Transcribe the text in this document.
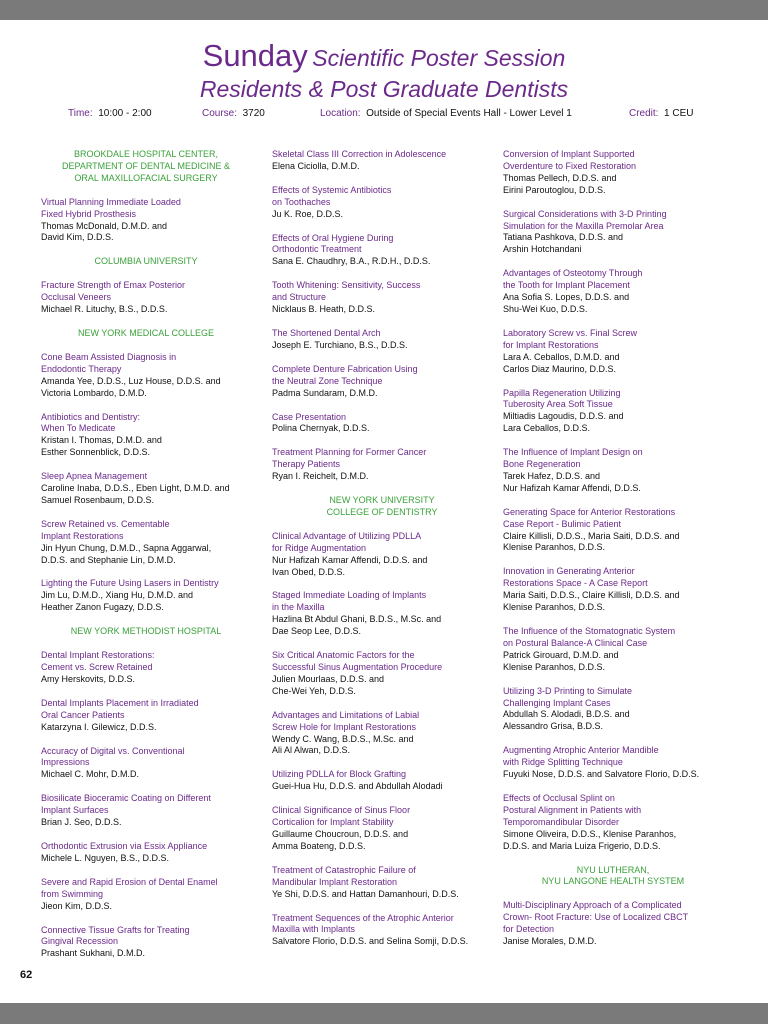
Sunday Scientific Poster Session
Residents & Post Graduate Dentists
Time: 10:00 - 2:00	Course: 3720	Location: Outside of Special Events Hall - Lower Level 1	Credit: 1 CEU
BROOKDALE HOSPITAL CENTER,
DEPARTMENT OF DENTAL MEDICINE &
ORAL MAXILLOFACIAL SURGERY
Virtual Planning Immediate Loaded
Fixed Hybrid Prosthesis
Thomas McDonald, D.M.D. and
David Kim, D.D.S.
COLUMBIA UNIVERSITY
Fracture Strength of Emax Posterior
Occlusal Veneers
Michael R. Lituchy, B.S., D.D.S.
NEW YORK MEDICAL COLLEGE
Cone Beam Assisted Diagnosis in
Endodontic Therapy
Amanda Yee, D.D.S., Luz House, D.D.S. and
Victoria Lombardo, D.M.D.
Antibiotics and Dentistry:
When To Medicate
Kristan I. Thomas, D.M.D. and
Esther Sonnenblick, D.D.S.
Sleep Apnea Management
Caroline Inaba, D.D.S., Eben Light, D.M.D. and
Samuel Rosenbaum, D.D.S.
Screw Retained vs. Cementable
Implant Restorations
Jin Hyun Chung, D.M.D., Sapna Aggarwal,
D.D.S. and Stephanie Lin, D.M.D.
Lighting the Future Using Lasers in Dentistry
Jim Lu, D.M.D., Xiang Hu, D.M.D. and
Heather Zanon Fugazy, D.D.S.
NEW YORK METHODIST HOSPITAL
Dental Implant Restorations:
Cement vs. Screw Retained
Amy Herskovits, D.D.S.
Dental Implants Placement in Irradiated
Oral Cancer Patients
Katarzyna I. Gilewicz, D.D.S.
Accuracy of Digital vs. Conventional
Impressions
Michael C. Mohr, D.M.D.
Biosilicate Bioceramic Coating on Different
Implant Surfaces
Brian J. Seo, D.D.S.
Orthodontic Extrusion via Essix Appliance
Michele L. Nguyen, B.S., D.D.S.
Severe and Rapid Erosion of Dental Enamel
from Swimming
Jieon Kim, D.D.S.
Connective Tissue Grafts for Treating
Gingival Recession
Prashant Sukhani, D.M.D.
Skeletal Class III Correction in Adolescence
Elena Ciciolla, D.M.D.
Effects of Systemic Antibiotics
on Toothaches
Ju K. Roe, D.D.S.
Effects of Oral Hygiene During
Orthodontic Treatment
Sana E. Chaudhry, B.A., R.D.H., D.D.S.
Tooth Whitening: Sensitivity, Success
and Structure
Nicklaus B. Heath, D.D.S.
The Shortened Dental Arch
Joseph E. Turchiano, B.S., D.D.S.
Complete Denture Fabrication Using
the Neutral Zone Technique
Padma Sundaram, D.M.D.
Case Presentation
Polina Chernyak, D.D.S.
Treatment Planning for Former Cancer
Therapy Patients
Ryan I. Reichelt, D.M.D.
NEW YORK UNIVERSITY
COLLEGE OF DENTISTRY
Clinical Advantage of Utilizing PDLLA
for Ridge Augmentation
Nur Hafizah Kamar Affendi, D.D.S. and
Ivan Obed, D.D.S.
Staged Immediate Loading of Implants
in the Maxilla
Hazlina Bt Abdul Ghani, B.D.S., M.Sc. and
Dae Seop Lee, D.D.S.
Six Critical Anatomic Factors for the
Successful Sinus Augmentation Procedure
Julien Mourlaas, D.D.S. and
Che-Wei Yeh, D.D.S.
Advantages and Limitations of Labial
Screw Hole for Implant Restorations
Wendy C. Wang, B.D.S., M.Sc. and
Ali Al Alwan, D.D.S.
Utilizing PDLLA for Block Grafting
Guei-Hua Hu, D.D.S. and Abdullah Alodadi
Clinical Significance of Sinus Floor
Corticalion for Implant Stability
Guillaume Choucroun, D.D.S. and
Amma Boateng, D.D.S.
Treatment of Catastrophic Failure of
Mandibular Implant Restoration
Ye Shi, D.D.S. and Hattan Damanhouri, D.D.S.
Treatment Sequences of the Atrophic Anterior
Maxilla with Implants
Salvatore Florio, D.D.S. and Selina Somji, D.D.S.
Conversion of Implant Supported
Overdenture to Fixed Restoration
Thomas Pellech, D.D.S. and
Eirini Paroutoglou, D.D.S.
Surgical Considerations with 3-D Printing
Simulation for the Maxilla Premolar Area
Tatiana Pashkova, D.D.S. and
Arshin Hotchandani
Advantages of Osteotomy Through
the Tooth for Implant Placement
Ana Sofia S. Lopes, D.D.S. and
Shu-Wei Kuo, D.D.S.
Laboratory Screw vs. Final Screw
for Implant Restorations
Lara A. Ceballos, D.M.D. and
Carlos Diaz Maurino, D.D.S.
Papilla Regeneration Utilizing
Tuberosity Area Soft Tissue
Miltiadis Lagoudis, D.D.S. and
Lara Ceballos, D.D.S.
The Influence of Implant Design on
Bone Regeneration
Tarek Hafez, D.D.S. and
Nur Hafizah Kamar Affendi, D.D.S.
Generating Space for Anterior Restorations
Case Report - Bulimic Patient
Claire Killisli, D.D.S., Maria Saiti, D.D.S. and
Klenise Paranhos, D.D.S.
Innovation in Generating Anterior
Restorations Space - A Case Report
Maria Saiti, D.D.S., Claire Killisli, D.D.S. and
Klenise Paranhos, D.D.S.
The Influence of the Stomatognatic System
on Postural Balance-A Clinical Case
Patrick Girouard, D.M.D. and
Klenise Paranhos, D.D.S.
Utilizing 3-D Printing to Simulate
Challenging Implant Cases
Abdullah S. Alodadi, B.D.S. and
Alessandro Grisa, B.D.S.
Augmenting Atrophic Anterior Mandible
with Ridge Splitting Technique
Fuyuki Nose, D.D.S. and Salvatore Florio, D.D.S.
Effects of Occlusal Splint on
Postural Alignment in Patients with
Temporomandibular Disorder
Simone Oliveira, D.D.S., Klenise Paranhos,
D.D.S. and Maria Luiza Frigerio, D.D.S.
NYU LUTHERAN,
NYU LANGONE HEALTH SYSTEM
Multi-Disciplinary Approach of a Complicated
Crown- Root Fracture: Use of Localized CBCT
for Detection
Janise Morales, D.M.D.
62
